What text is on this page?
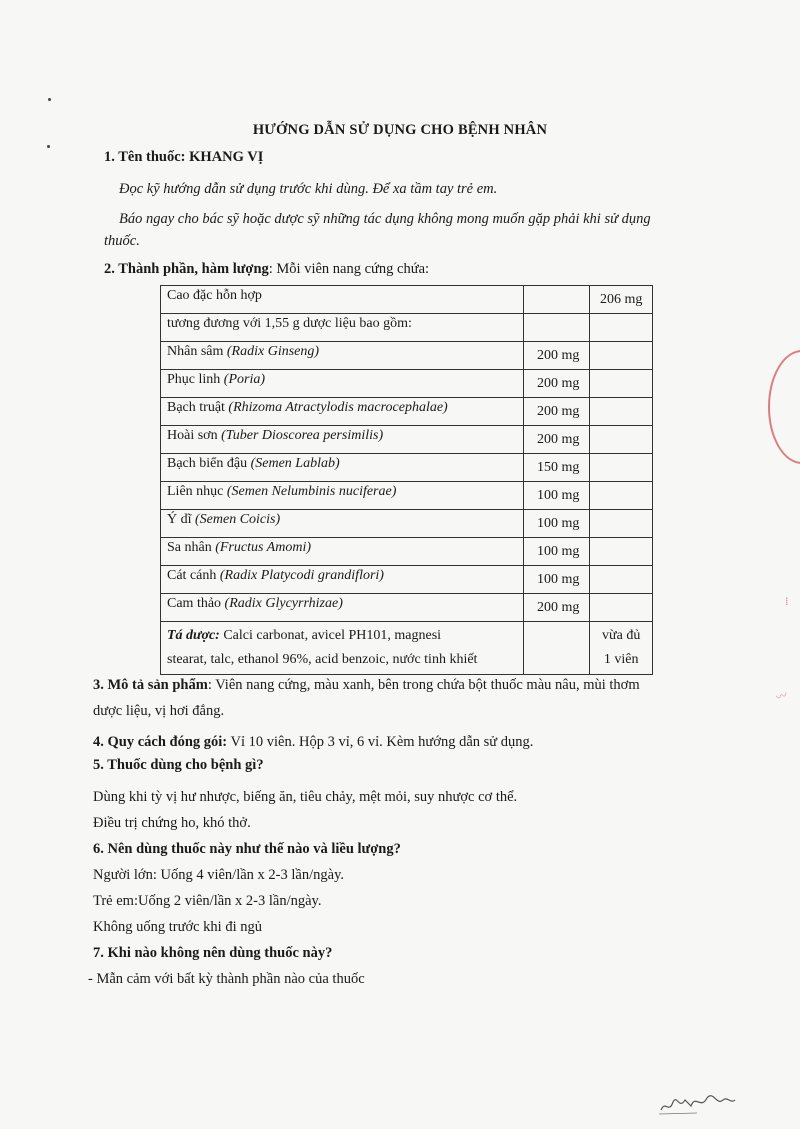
HƯỚNG DẪN SỬ DỤNG CHO BỆNH NHÂN
1. Tên thuốc: KHANG VỊ
Đọc kỹ hướng dẫn sử dụng trước khi dùng. Để xa tầm tay trẻ em.
Báo ngay cho bác sỹ hoặc dược sỹ những tác dụng không mong muốn gặp phải khi sử dụng
thuốc.
2. Thành phần, hàm lượng: Mỗi viên nang cứng chứa:
Cao đặc hỗn hợp		206 mg
tương đương với 1,55 g dược liệu bao gồm:		
Nhân sâm (Radix Ginseng)	200 mg	
Phục linh (Poria)	200 mg	
Bạch truật (Rhizoma Atractylodis macrocephalae)	200 mg	
Hoài sơn (Tuber Dioscorea persimilis)	200 mg	
Bạch biển đậu (Semen Lablab)	150 mg	
Liên nhục (Semen Nelumbinis nuciferae)	100 mg	
Ý dĩ (Semen Coicis)	100 mg	
Sa nhân (Fructus Amomi)	100 mg	
Cát cánh (Radix Platycodi grandiflori)	100 mg	
Cam thảo (Radix Glycyrrhizae)	200 mg	
Tá dược: Calci carbonat, avicel PH101, magnesi
stearat, talc, ethanol 96%, acid benzoic, nước tinh khiết		vừa đủ
1 viên
3. Mô tả sản phẩm: Viên nang cứng, màu xanh, bên trong chứa bột thuốc màu nâu, mùi thơm
dược liệu, vị hơi đắng.
4. Quy cách đóng gói: Vỉ 10 viên. Hộp 3 vỉ, 6 vỉ. Kèm hướng dẫn sử dụng.
5. Thuốc dùng cho bệnh gì?
Dùng khi tỳ vị hư nhược, biếng ăn, tiêu chảy, mệt mỏi, suy nhược cơ thể.
Điều trị chứng ho, khó thở.
6. Nên dùng thuốc này như thế nào và liều lượng?
Người lớn: Uống 4 viên/lần x 2-3 lần/ngày.
Trẻ em:Uống 2 viên/lần x 2-3 lần/ngày.
Không uống trước khi đi ngủ
7. Khi nào không nên dùng thuốc này?
- Mẫn cảm với bất kỳ thành phần nào của thuốc
〰
⁞
